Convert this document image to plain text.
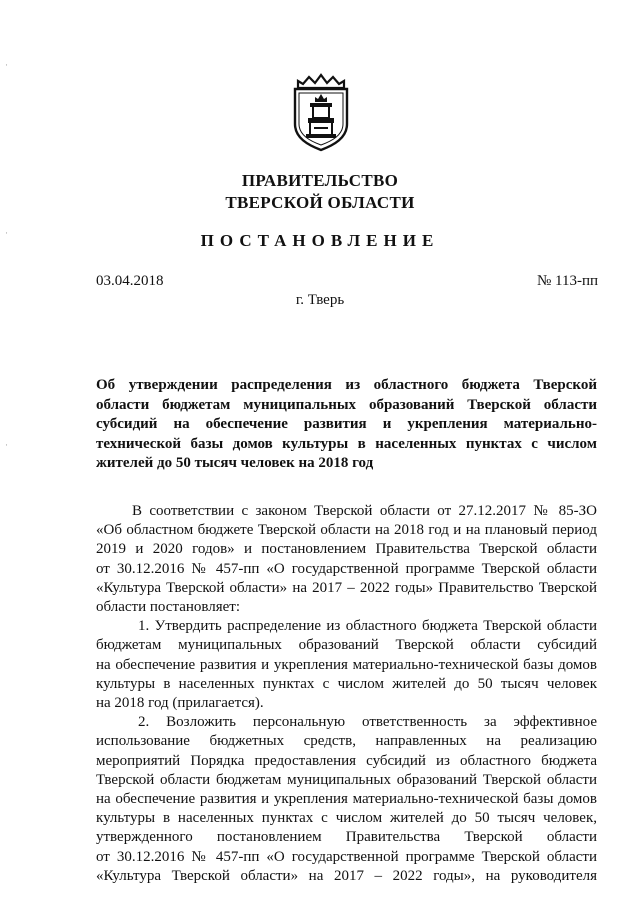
ПРАВИТЕЛЬСТВО
ТВЕРСКОЙ ОБЛАСТИ
ПОСТАНОВЛЕНИЕ
03.04.2018	№ 113-пп
г. Тверь
Об утверждении распределения из областного бюджета Тверской
области бюджетам муниципальных образований Тверской области
субсидий на обеспечение развития и укрепления материально-
технической базы домов культуры в населенных пунктах с числом
жителей до 50 тысяч человек на 2018 год
В соответствии с законом Тверской области от 27.12.2017 № 85-ЗО
«Об областном бюджете Тверской области на 2018 год и на плановый период
2019 и 2020 годов» и постановлением Правительства Тверской области
от 30.12.2016 № 457-пп «О государственной программе Тверской области
«Культура Тверской области» на 2017 – 2022 годы» Правительство Тверской
области постановляет:
1. Утвердить распределение из областного бюджета Тверской области
бюджетам муниципальных образований Тверской области субсидий
на обеспечение развития и укрепления материально-технической базы домов
культуры в населенных пунктах с числом жителей до 50 тысяч человек
на 2018 год (прилагается).
2. Возложить персональную ответственность за эффективное
использование бюджетных средств, направленных на реализацию
мероприятий Порядка предоставления субсидий из областного бюджета
Тверской области бюджетам муниципальных образований Тверской области
на обеспечение развития и укрепления материально-технической базы домов
культуры в населенных пунктах с числом жителей до 50 тысяч человек,
утвержденного постановлением Правительства Тверской области
от 30.12.2016 № 457-пп «О государственной программе Тверской области
«Культура Тверской области» на 2017 – 2022 годы», на руководителя
·
·
·
